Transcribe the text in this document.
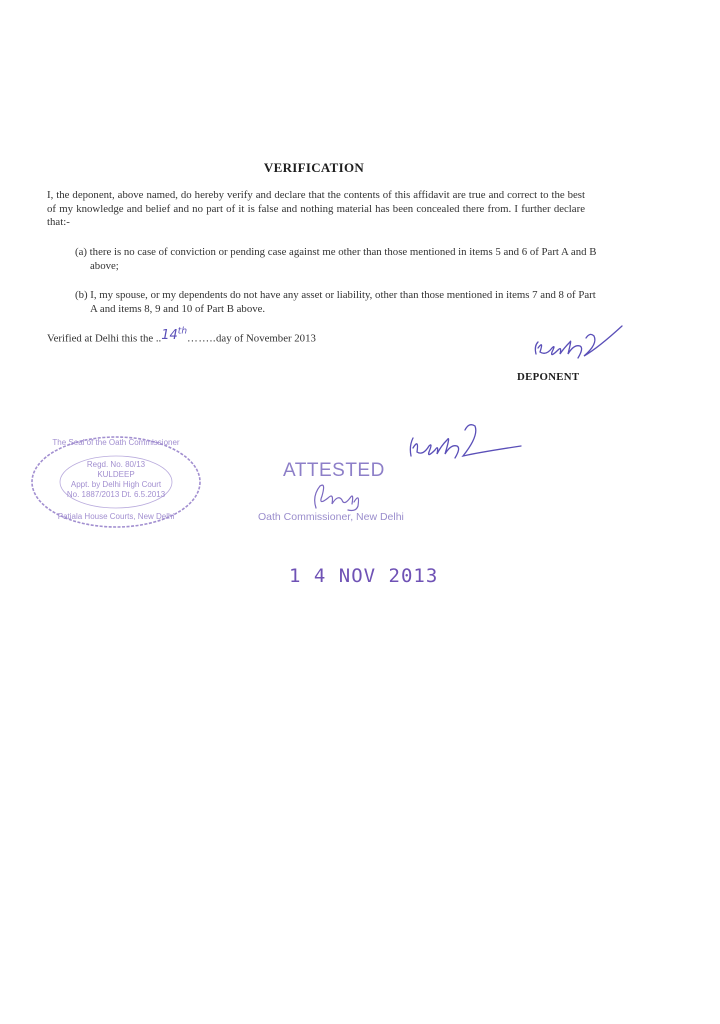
VERIFICATION
I, the deponent, above named, do hereby verify and declare that the contents of this affidavit are true and correct to the best of my knowledge and belief and no part of it is false and nothing material has been concealed there from. I further declare that:-
(a) there is no case of conviction or pending case against me other than those mentioned in items 5 and 6 of Part A and B above;
(b) I, my spouse, or my dependents do not have any asset or liability, other than those mentioned in items 7 and 8 of Part A and items 8, 9 and 10 of Part B above.
Verified at Delhi this the ..14th……..day of November 2013
DEPONENT
The Seal of the Oath Commissioner
Regd. No. 80/13
KULDEEP
Appt. by Delhi High Court
No. 1887/2013 Dt. 6.5.2013
Patiala House Courts, New Delhi
ATTESTED
Oath Commissioner, New Delhi
1 4 NOV 2013
